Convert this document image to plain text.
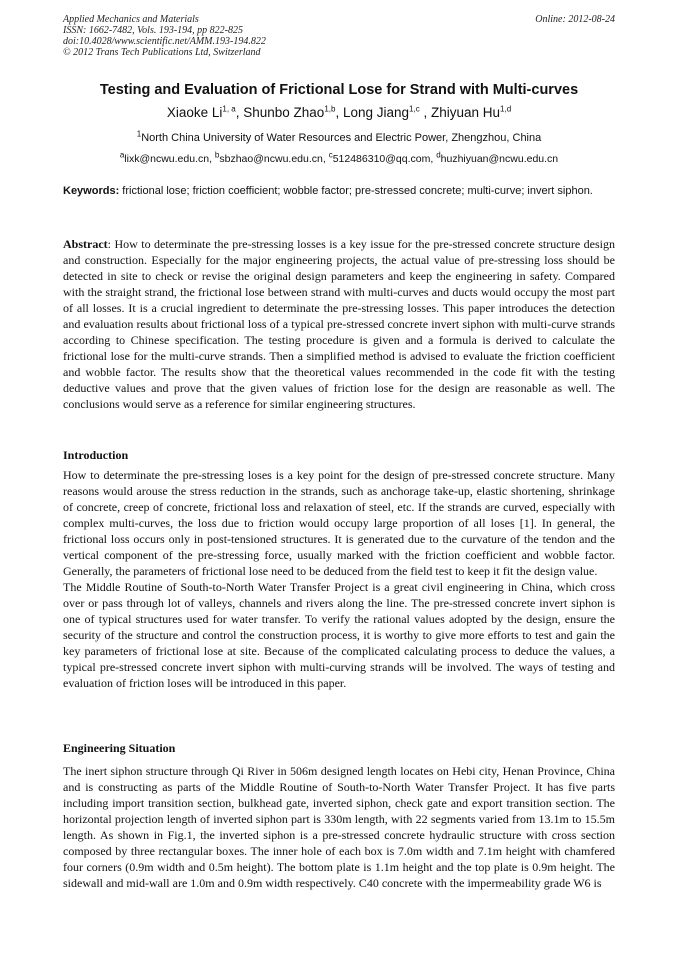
Applied Mechanics and Materials
ISSN: 1662-7482, Vols. 193-194, pp 822-825
doi:10.4028/www.scientific.net/AMM.193-194.822
© 2012 Trans Tech Publications Ltd, Switzerland
Online: 2012-08-24
Testing and Evaluation of Frictional Lose for Strand with Multi-curves
Xiaoke Li$^{1, a}$, Shunbo Zhao$^{1,b}$, Long Jiang$^{1,c}$ , Zhiyuan Hu$^{1,d}$
$^1$North China University of Water Resources and Electric Power, Zhengzhou, China
$^a$lixk@ncwu.edu.cn, $^b$sbzhao@ncwu.edu.cn, $^c$512486310@qq.com, $^d$huzhiyuan@ncwu.edu.cn
Keywords: frictional lose; friction coefficient; wobble factor; pre-stressed concrete; multi-curve; invert siphon.

Abstract: How to determinate the pre-stressing losses is a key issue for the pre-stressed concrete structure design and construction. Especially for the major engineering projects, the actual value of pre-stressing loss should be detected in site to check or revise the original design parameters and keep the engineering in safety. Compared with the straight strand, the frictional lose between strand with multi-curves and ducts would occupy the most part of all losses. It is a crucial ingredient to determinate the pre-stressing losses. This paper introduces the detection and evaluation results about frictional loss of a typical pre-stressed concrete invert siphon with multi-curve strands according to Chinese specification. The testing procedure is given and a formula is derived to calculate the frictional lose for the multi-curve strands. Then a simplified method is advised to evaluate the friction coefficient and wobble factor. The results show that the theoretical values recommended in the code fit with the testing deductive values and prove that the given values of friction lose for the design are reasonable as well. The conclusions would serve as a reference for similar engineering structures.

Introduction

How to determinate the pre-stressing loses is a key point for the design of pre-stressed concrete structure. Many reasons would arouse the stress reduction in the strands, such as anchorage take-up, elastic shortening, shrinkage of concrete, creep of concrete, frictional loss and relaxation of steel, etc. If the strands are curved, especially with complex multi-curves, the loss due to friction would occupy large proportion of all loses [1]. In general, the frictional loss occurs only in post-tensioned structures. It is generated due to the curvature of the tendon and the vertical component of the pre-stressing force, usually marked with the friction coefficient and wobble factor. Generally, the parameters of frictional lose need to be deduced from the field test to keep it fit the design value.

The Middle Routine of South-to-North Water Transfer Project is a great civil engineering in China, which cross over or pass through lot of valleys, channels and rivers along the line. The pre-stressed concrete invert siphon is one of typical structures used for water transfer. To verify the rational values adopted by the design, ensure the security of the structure and control the construction process, it is worthy to give more efforts to test and gain the key parameters of frictional lose at site. Because of the complicated calculating process to deduce the values, a typical pre-stressed concrete invert siphon with multi-curving strands will be involved. The ways of testing and evaluation of friction loses will be introduced in this paper.

Engineering Situation

The inert siphon structure through Qi River in 506m designed length locates on Hebi city, Henan Province, China and is constructing as parts of the Middle Routine of South-to-North Water Transfer Project. It has five parts including import transition section, bulkhead gate, inverted siphon, check gate and export transition section. The horizontal projection length of inverted siphon part is 330m length, with 22 segments varied from 13.1m to 15.5m length. As shown in Fig.1, the inverted siphon is a pre-stressed concrete hydraulic structure with cross section composed by three rectangular boxes. The inner hole of each box is 7.0m width and 7.1m height with chamfered four corners (0.9m width and 0.5m height). The bottom plate is 1.1m height and the top plate is 0.9m height. The sidewall and mid-wall are 1.0m and 0.9m width respectively. C40 concrete with the impermeability grade W6 is
